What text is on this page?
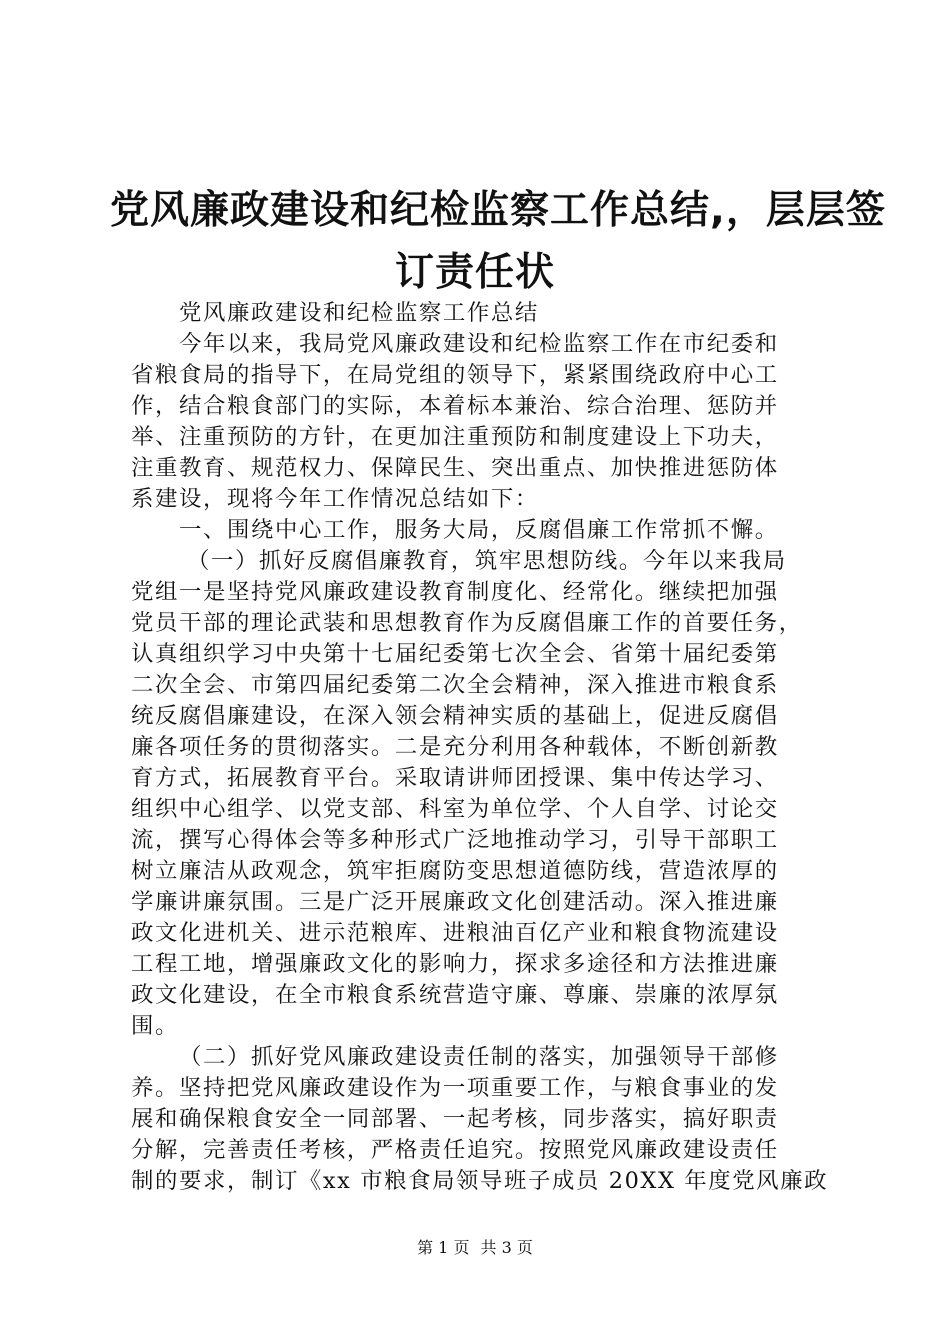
党风廉政建设和纪检监察工作总结,，层层签
订责任状
党风廉政建设和纪检监察工作总结
今年以来，我局党风廉政建设和纪检监察工作在市纪委和
省粮食局的指导下，在局党组的领导下，紧紧围绕政府中心工
作，结合粮食部门的实际，本着标本兼治、综合治理、惩防并
举、注重预防的方针，在更加注重预防和制度建设上下功夫，
注重教育、规范权力、保障民生、突出重点、加快推进惩防体
系建设，现将今年工作情况总结如下：
一、围绕中心工作，服务大局，反腐倡廉工作常抓不懈。
（一）抓好反腐倡廉教育，筑牢思想防线。今年以来我局
党组一是坚持党风廉政建设教育制度化、经常化。继续把加强
党员干部的理论武装和思想教育作为反腐倡廉工作的首要任务，
认真组织学习中央第十七届纪委第七次全会、省第十届纪委第
二次全会、市第四届纪委第二次全会精神，深入推进市粮食系
统反腐倡廉建设，在深入领会精神实质的基础上，促进反腐倡
廉各项任务的贯彻落实。二是充分利用各种载体，不断创新教
育方式，拓展教育平台。采取请讲师团授课、集中传达学习、
组织中心组学、以党支部、科室为单位学、个人自学、讨论交
流，撰写心得体会等多种形式广泛地推动学习，引导干部职工
树立廉洁从政观念，筑牢拒腐防变思想道德防线，营造浓厚的
学廉讲廉氛围。三是广泛开展廉政文化创建活动。深入推进廉
政文化进机关、进示范粮库、进粮油百亿产业和粮食物流建设
工程工地，增强廉政文化的影响力，探求多途径和方法推进廉
政文化建设，在全市粮食系统营造守廉、尊廉、崇廉的浓厚氛
围。
（二）抓好党风廉政建设责任制的落实，加强领导干部修
养。坚持把党风廉政建设作为一项重要工作，与粮食事业的发
展和确保粮食安全一同部署、一起考核，同步落实，搞好职责
分解，完善责任考核，严格责任追究。按照党风廉政建设责任
制的要求，制订《xx 市粮食局领导班子成员 20XX 年度党风廉政
第 1 页 共 3 页
